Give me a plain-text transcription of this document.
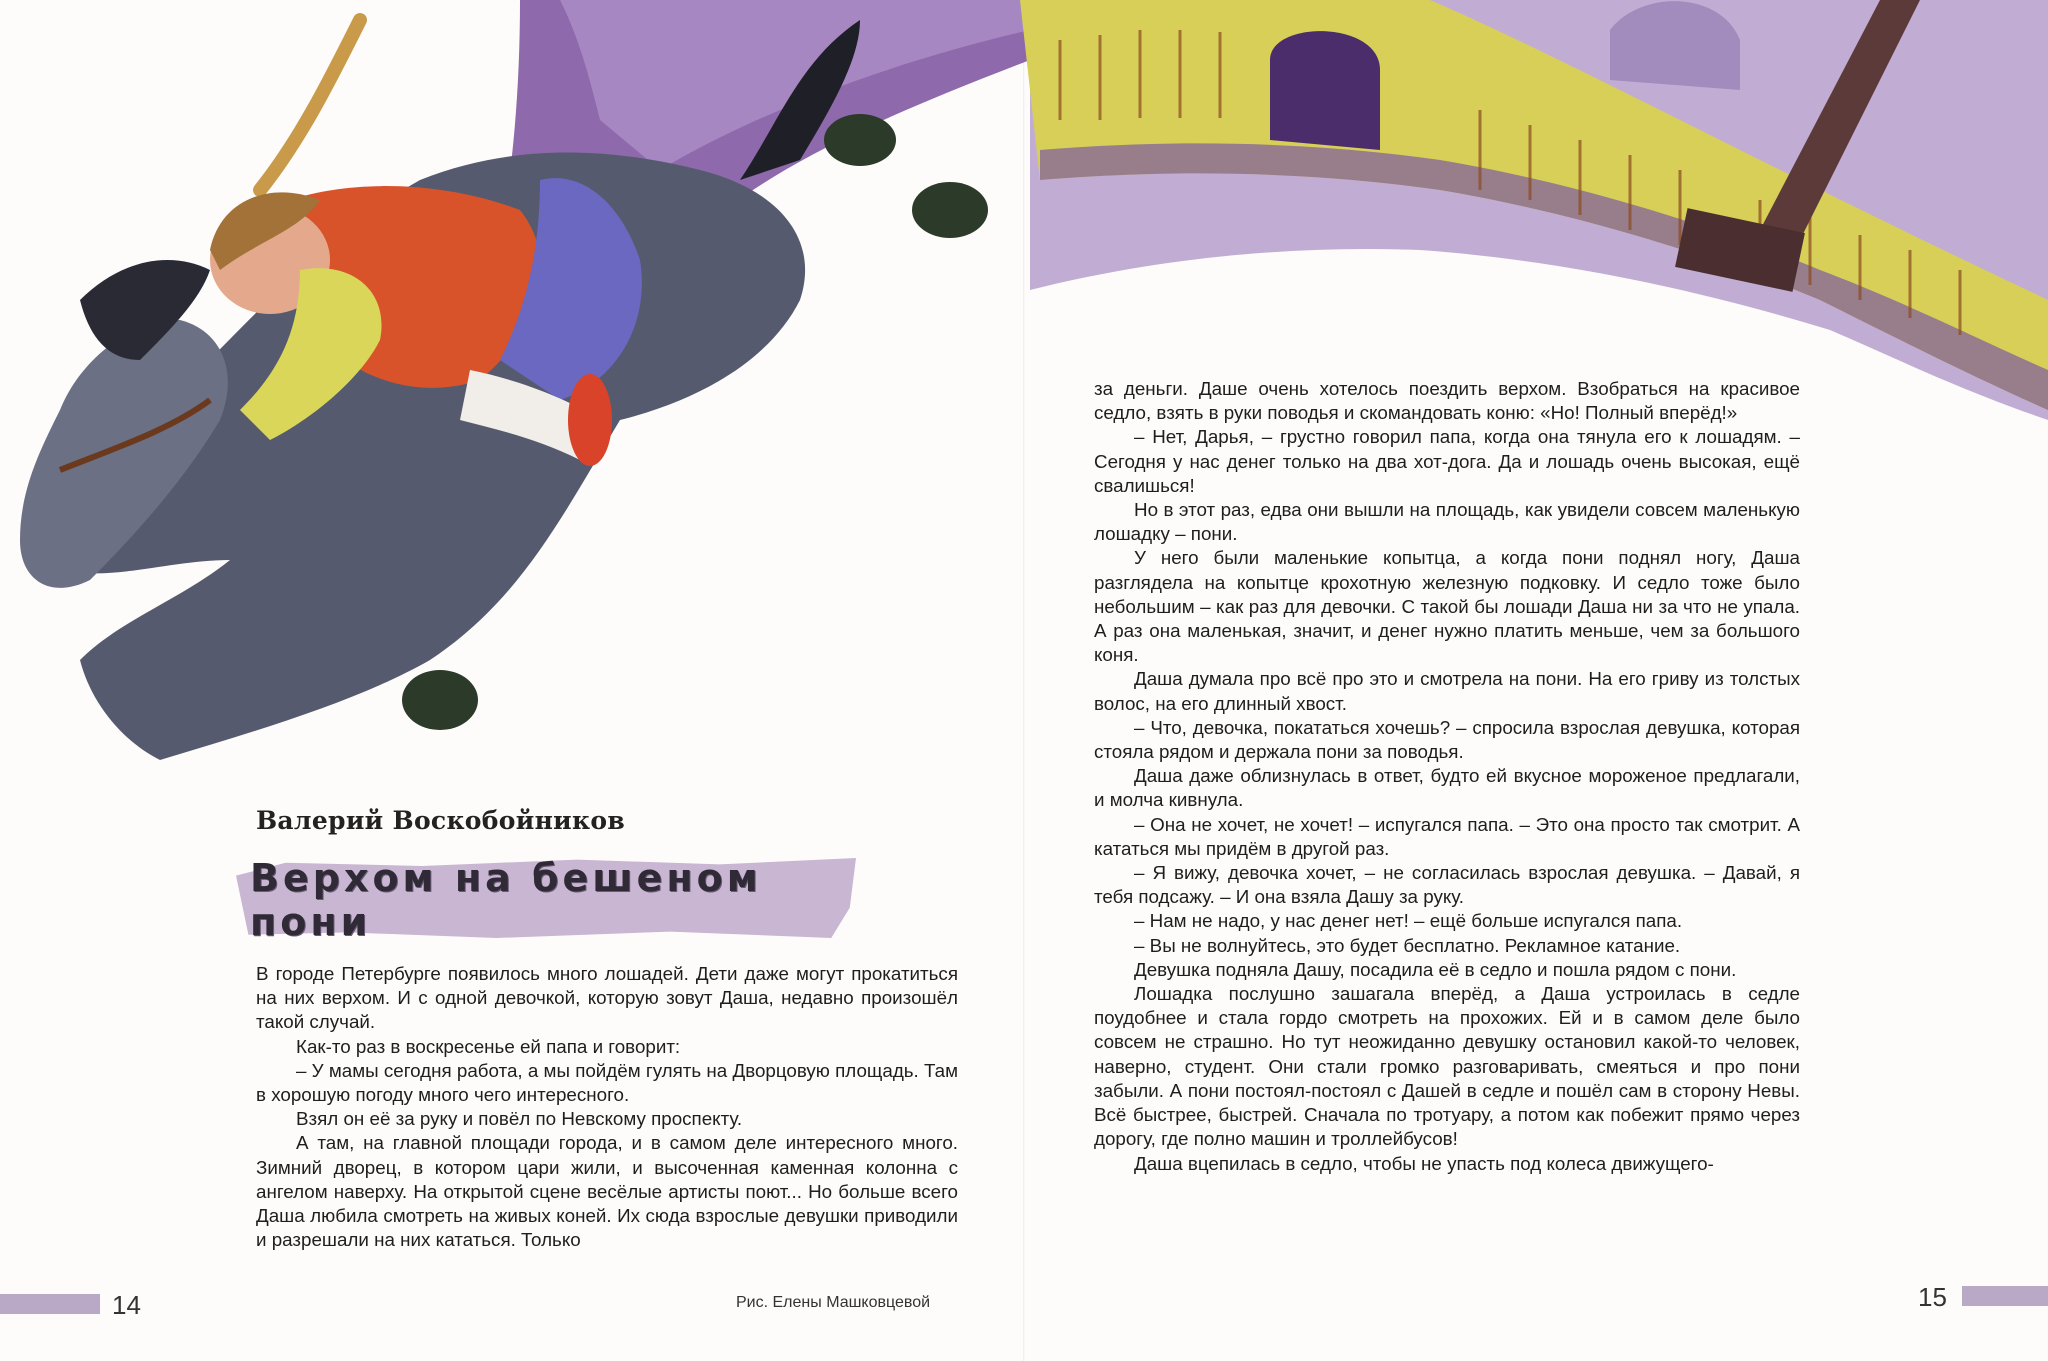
Валерий Воскобойников
Верхом на бешеном пони

В городе Петербурге появилось много лошадей. Дети даже могут прокатиться на них верхом. И с одной девочкой, которую зовут Даша, недавно произошёл такой случай.

Как-то раз в воскресенье ей папа и говорит:

– У мамы сегодня работа, а мы пойдём гулять на Дворцовую площадь. Там в хорошую погоду много чего интересного.

Взял он её за руку и повёл по Невскому проспекту.

А там, на главной площади города, и в самом деле интересного много. Зимний дворец, в котором цари жили, и высоченная каменная колонна с ангелом наверху. На открытой сцене весёлые артисты поют... Но больше всего Даша любила смотреть на живых коней. Их сюда взрослые девушки приводили и разрешали на них кататься. Только

за деньги. Даше очень хотелось поездить верхом. Взобраться на красивое седло, взять в руки поводья и скомандовать коню: «Но! Полный вперёд!»

– Нет, Дарья, – грустно говорил папа, когда она тянула его к лошадям. – Сегодня у нас денег только на два хот-дога. Да и лошадь очень высокая, ещё свалишься!

Но в этот раз, едва они вышли на площадь, как увидели совсем маленькую лошадку – пони.

У него были маленькие копытца, а когда пони поднял ногу, Даша разглядела на копытце крохотную железную подковку. И седло тоже было небольшим – как раз для девочки. С такой бы лошади Даша ни за что не упала. А раз она маленькая, значит, и денег нужно платить меньше, чем за большого коня.

Даша думала про всё про это и смотрела на пони. На его гриву из толстых волос, на его длинный хвост.

– Что, девочка, покататься хочешь? – спросила взрослая девушка, которая стояла рядом и держала пони за поводья.

Даша даже облизнулась в ответ, будто ей вкусное мороженое предлагали, и молча кивнула.

– Она не хочет, не хочет! – испугался папа. – Это она просто так смотрит. А кататься мы придём в другой раз.

– Я вижу, девочка хочет, – не согласилась взрослая девушка. – Давай, я тебя подсажу. – И она взяла Дашу за руку.

– Нам не надо, у нас денег нет! – ещё больше испугался папа.

– Вы не волнуйтесь, это будет бесплатно. Рекламное катание.

Девушка подняла Дашу, посадила её в седло и пошла рядом с пони.

Лошадка послушно зашагала вперёд, а Даша устроилась в седле поудобнее и стала гордо смотреть на прохожих. Ей и в самом деле было совсем не страшно. Но тут неожиданно девушку остановил какой-то человек, наверно, студент. Они стали громко разговаривать, смеяться и про пони забыли. А пони постоял-постоял с Дашей в седле и пошёл сам в сторону Невы. Всё быстрее, быстрей. Сначала по тротуару, а потом как побежит прямо через дорогу, где полно машин и троллейбусов!

Даша вцепилась в седло, чтобы не упасть под колеса движущего-

14	Рис. Елены Машковцевой	15
